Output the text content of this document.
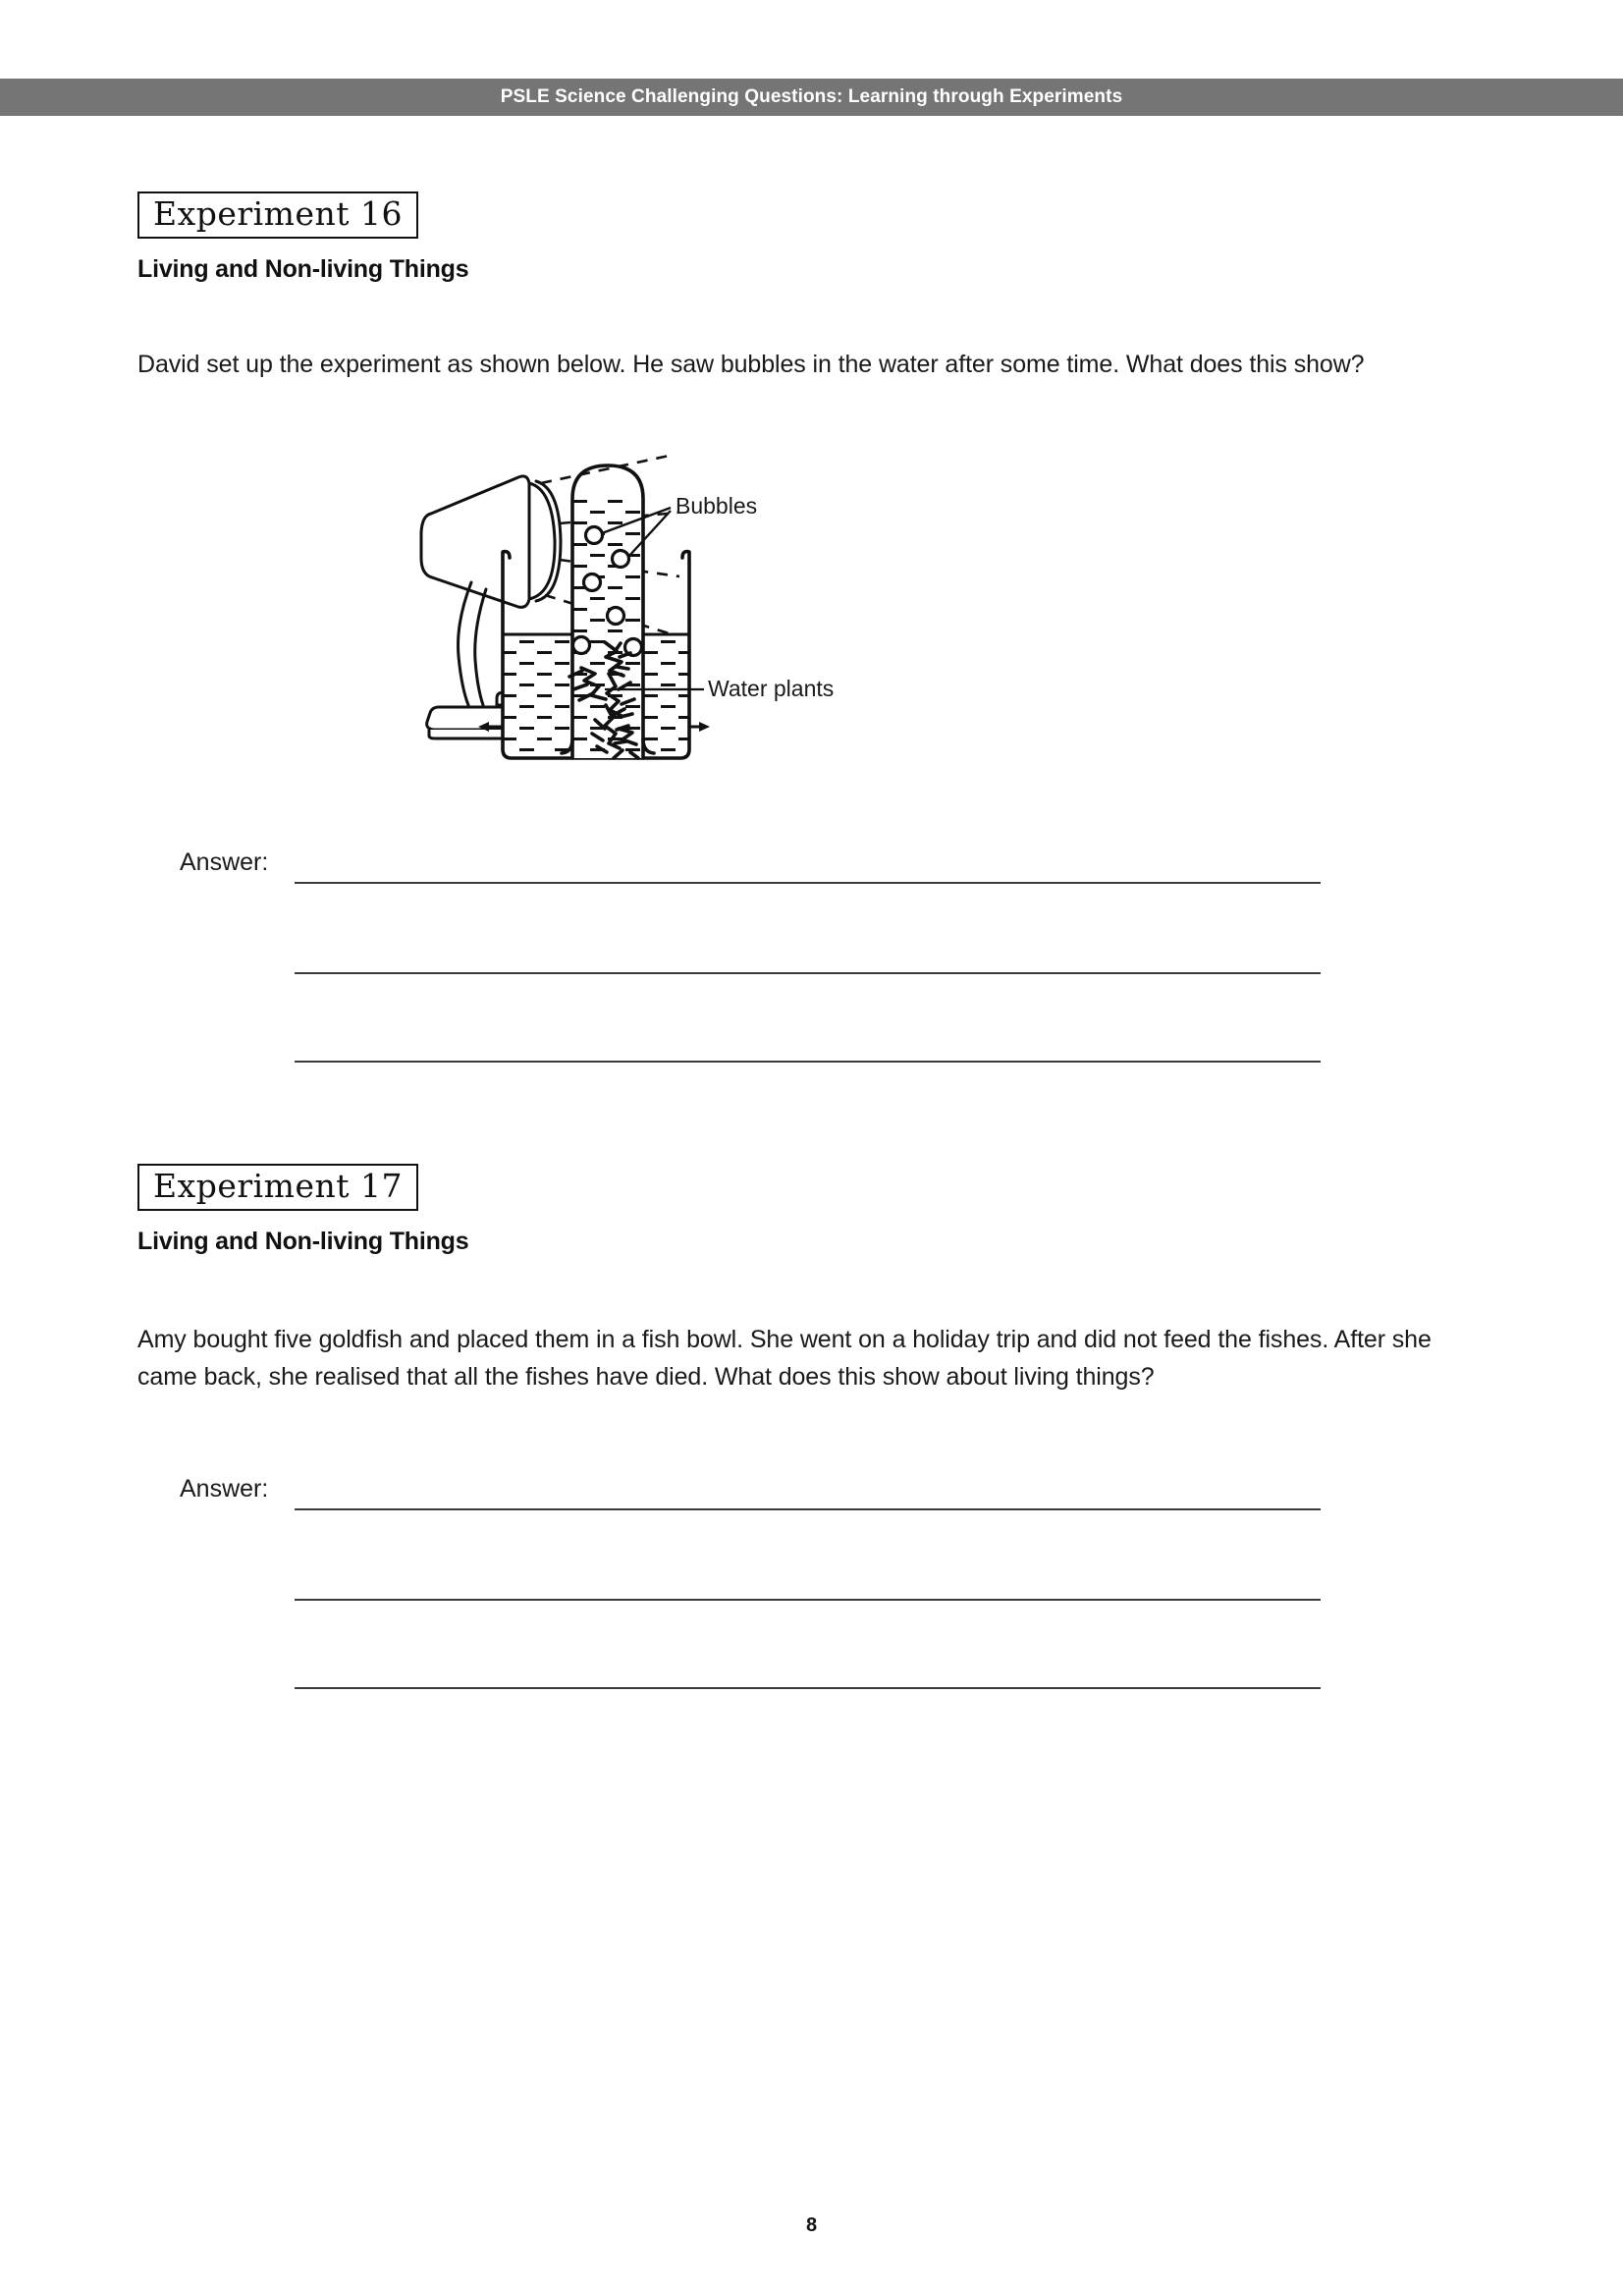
PSLE Science Challenging Questions: Learning through Experiments
Experiment 16
Living and Non-living Things
David set up the experiment as shown below. He saw bubbles in the water after some time. What does this show?
Bubbles
Water plants
Answer:
Experiment 17
Living and Non-living Things
Amy bought five goldfish and placed them in a fish bowl. She went on a holiday trip and did not feed the fishes. After she came back, she realised that all the fishes have died. What does this show about living things?
Answer:
8
